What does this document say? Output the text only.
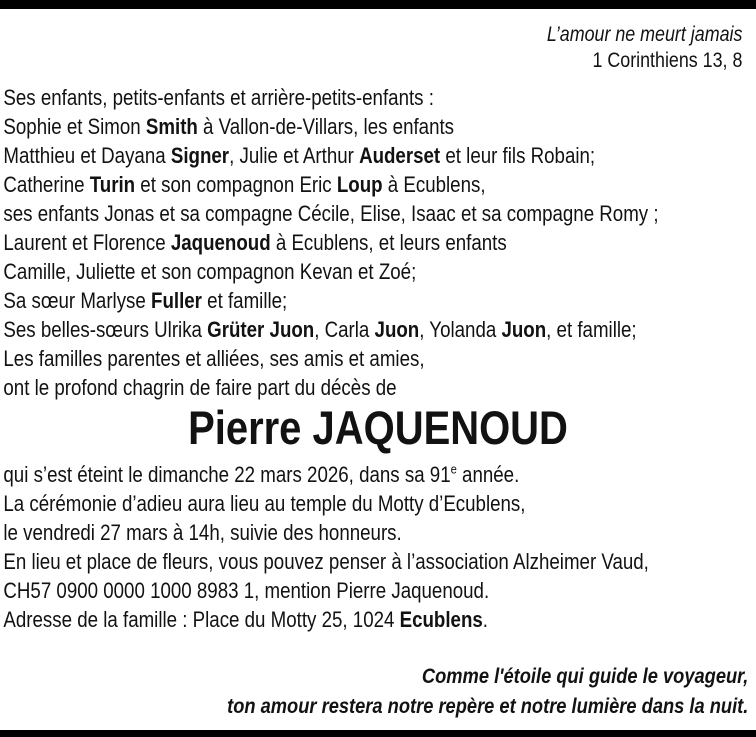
L’amour ne meurt jamais
1 Corinthiens 13, 8
Ses enfants, petits-enfants et arrière-petits-enfants :
Sophie et Simon Smith à Vallon-de-Villars, les enfants
Matthieu et Dayana Signer, Julie et Arthur Auderset et leur fils Robain;
Catherine Turin et son compagnon Eric Loup à Ecublens,
ses enfants Jonas et sa compagne Cécile, Elise, Isaac et sa compagne Romy ;
Laurent et Florence Jaquenoud à Ecublens, et leurs enfants
Camille, Juliette et son compagnon Kevan et Zoé;
Sa sœur Marlyse Fuller et famille;
Ses belles-sœurs Ulrika Grüter Juon, Carla Juon, Yolanda Juon, et famille;
Les familles parentes et alliées, ses amis et amies,
ont le profond chagrin de faire part du décès de
Pierre JAQUENOUD
qui s’est éteint le dimanche 22 mars 2026, dans sa 91e année.
La cérémonie d’adieu aura lieu au temple du Motty d’Ecublens,
le vendredi 27 mars à 14h, suivie des honneurs.
En lieu et place de fleurs, vous pouvez penser à l’association Alzheimer Vaud,
CH57 0900 0000 1000 8983 1, mention Pierre Jaquenoud.
Adresse de la famille : Place du Motty 25, 1024 Ecublens.
Comme l'étoile qui guide le voyageur,
ton amour restera notre repère et notre lumière dans la nuit.
